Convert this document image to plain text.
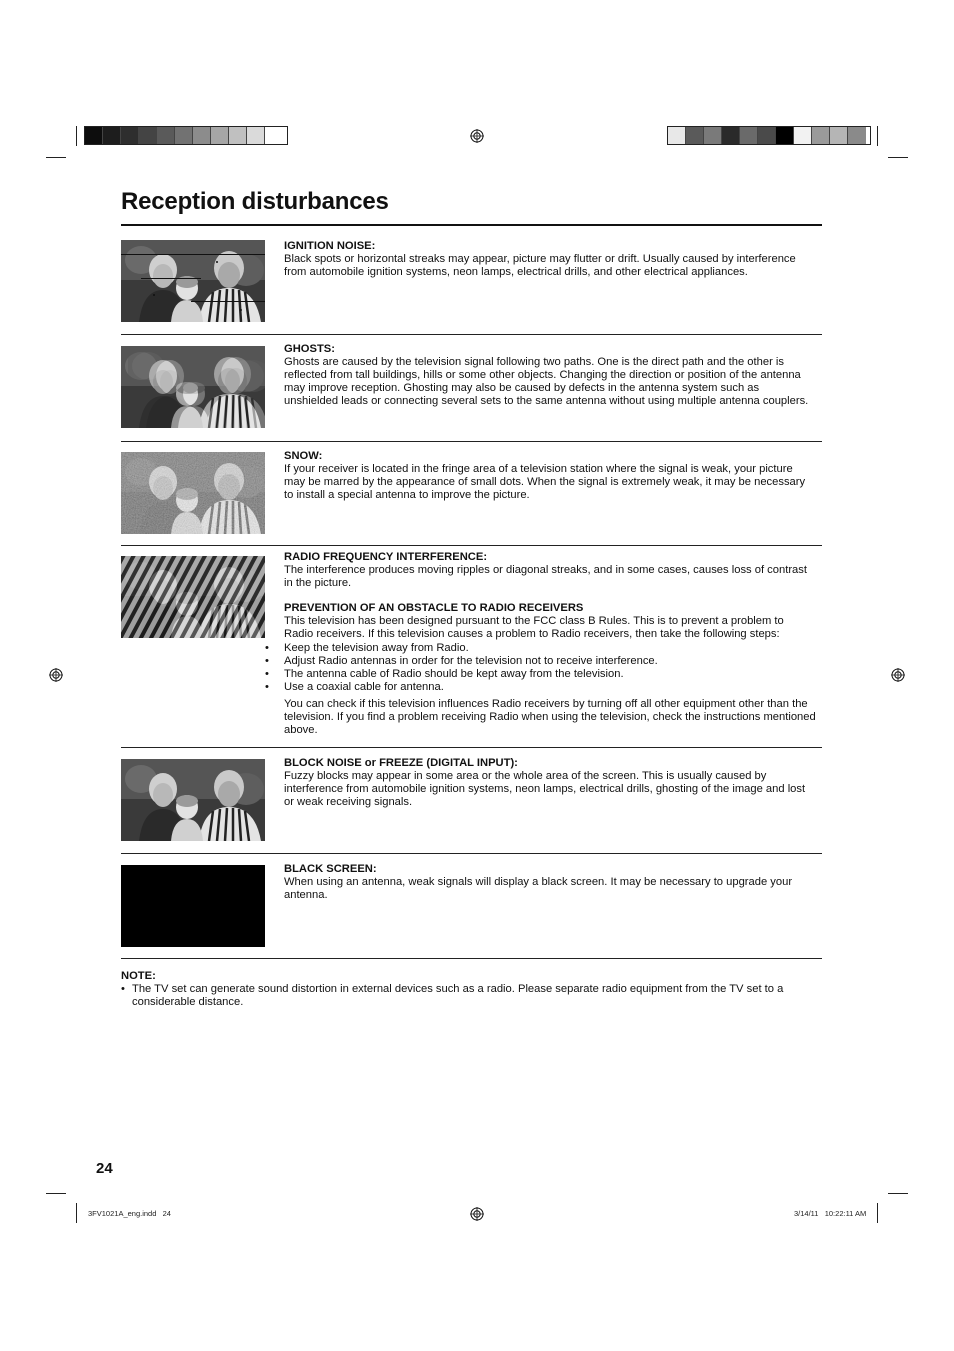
Reception disturbances
IGNITION NOISE:

Black spots or horizontal streaks may appear, picture may flutter or drift. Usually caused by interference from automobile ignition systems, neon lamps, electrical drills, and other electrical appliances.

GHOSTS:

Ghosts are caused by the television signal following two paths. One is the direct path and the other is reflected from tall buildings, hills or some other objects. Changing the direction or position of the antenna may improve reception. Ghosting may also be caused by defects in the antenna system such as unshielded leads or connecting several sets to the same antenna without using multiple antenna couplers.

SNOW:

If your receiver is located in the fringe area of a television station where the signal is weak, your picture may be marred by the appearance of small dots. When the signal is extremely weak, it may be necessary to install a special antenna to improve the picture.

RADIO FREQUENCY INTERFERENCE:

The interference produces moving ripples or diagonal streaks, and in some cases, causes loss of contrast in the picture.

PREVENTION OF AN OBSTACLE TO RADIO RECEIVERS

This television has been designed pursuant to the FCC class B Rules. This is to prevent a problem to Radio receivers. If this television causes a problem to Radio receivers, then take the following steps:

• Keep the television away from Radio.
• Adjust Radio antennas in order for the television not to receive interference.
• The antenna cable of Radio should be kept away from the television.
• Use a coaxial cable for antenna.

You can check if this television influences Radio receivers by turning off all other equipment other than the television. If you find a problem receiving Radio when using the television, check the instructions mentioned above.

BLOCK NOISE or FREEZE (DIGITAL INPUT):

Fuzzy blocks may appear in some area or the whole area of the screen. This is usually caused by interference from automobile ignition systems, neon lamps, electrical drills, ghosting of the image and lost or weak receiving signals.

BLACK SCREEN:

When using an antenna, weak signals will display a black screen. It may be necessary to upgrade your antenna.

NOTE:
• The TV set can generate sound distortion in external devices such as a radio. Please separate radio equipment from the TV set to a considerable distance.
24
3FV1021A_eng.indd   24	3/14/11   10:22:11 AM
